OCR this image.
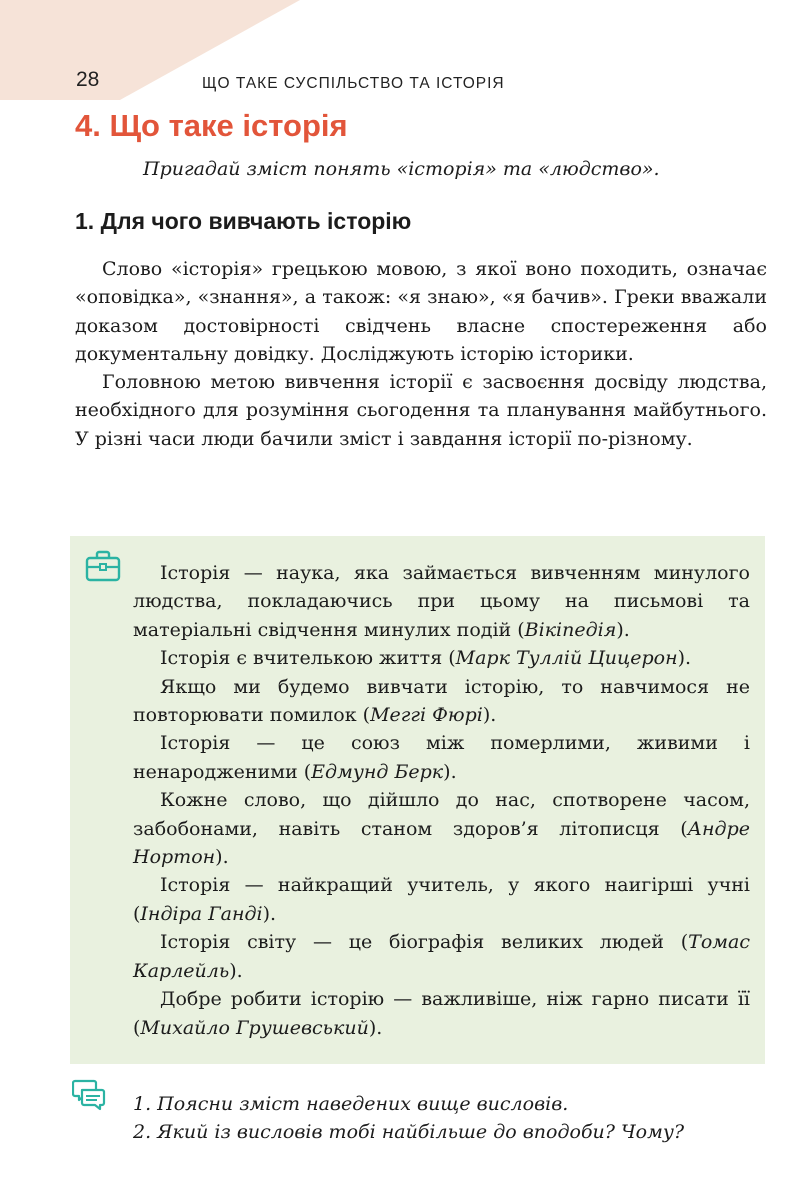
28	ЩО ТАКЕ СУСПІЛЬСТВО ТА ІСТОРІЯ
4. Що таке історія
Пригадай зміст понять «історія» та «людство».
1. Для чого вивчають історію

Слово «історія» грецькою мовою, з якої воно походить, означає «оповідка», «знання», а також: «я знаю», «я бачив». Греки вважали доказом достовірності свідчень власне спостереження або документальну довідку. Досліджують історію історики.

Головною метою вивчення історії є засвоєння досвіду людства, необхідного для розуміння сьогодення та планування майбутнього. У різні часи люди бачили зміст і завдання історії по-різному.

Історія — наука, яка займається вивченням минулого людства, покладаючись при цьому на письмові та матеріальні свідчення минулих подій (Вікіпедія).

Історія є вчителькою життя (Марк Туллій Цицерон).

Якщо ми будемо вивчати історію, то навчимося не повторювати помилок (Меггі Фюрі).

Історія — це союз між померлими, живими і ненародженими (Едмунд Берк).

Кожне слово, що дійшло до нас, спотворене часом, забобонами, навіть станом здоров’я літописця (Андре Нортон).

Історія — найкращий учитель, у якого наигірші учні (Індіра Ганді).

Історія світу — це біографія великих людей (Томас Карлейль).

Добре робити історію — важливіше, ніж гарно писати її (Михайло Грушевський).

1. Поясни зміст наведених вище висловів.
2. Який із висловів тобі найбільше до вподоби? Чому?
